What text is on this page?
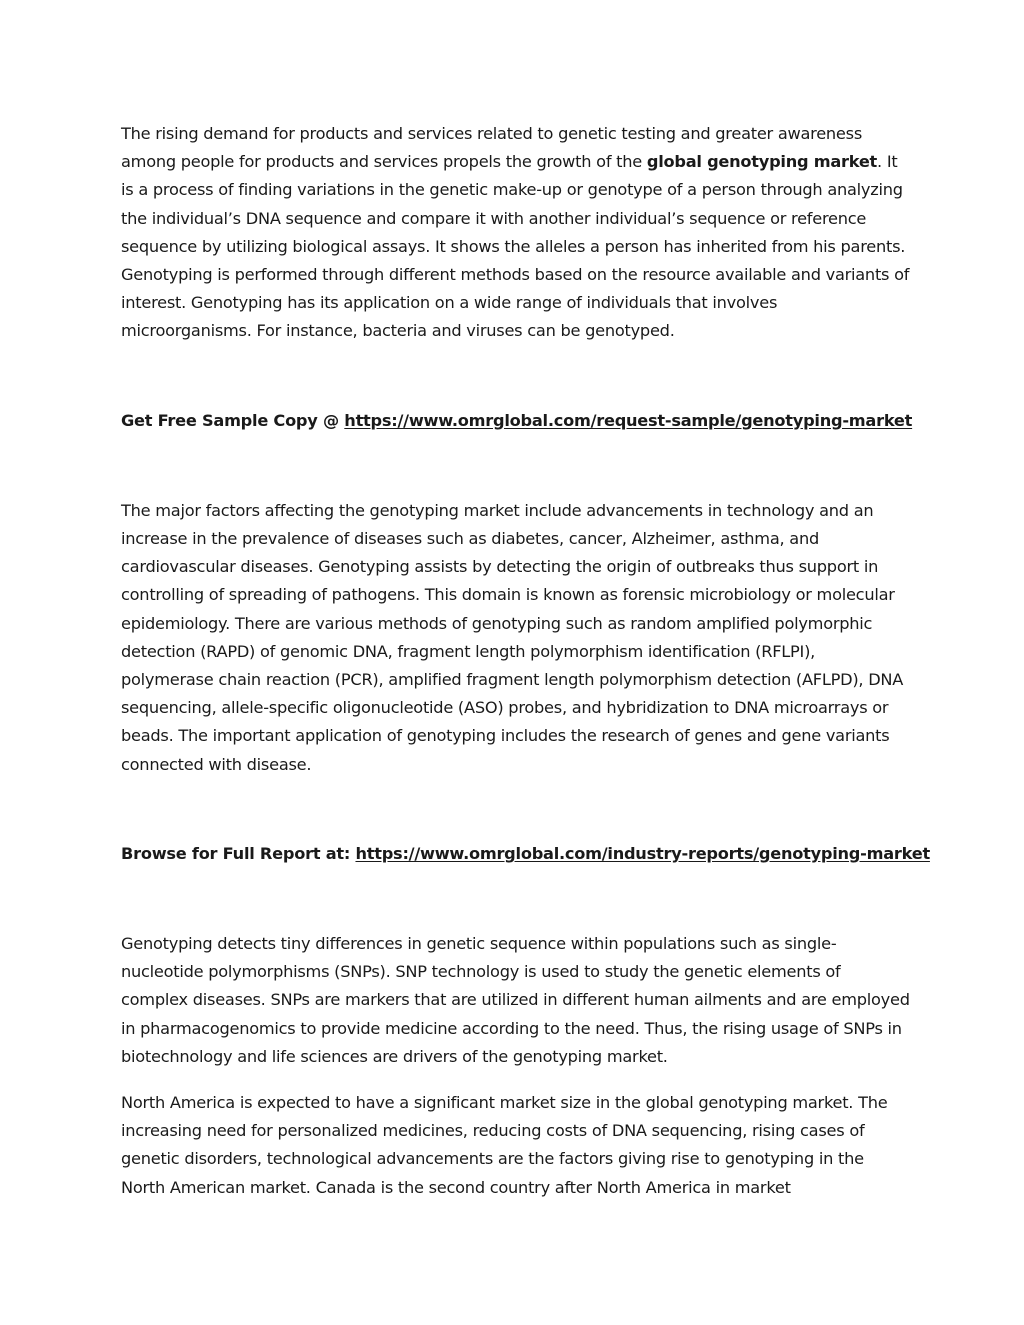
The rising demand for products and services related to genetic testing and greater awareness among people for products and services propels the growth of the global genotyping market. It is a process of finding variations in the genetic make-up or genotype of a person through analyzing the individual’s DNA sequence and compare it with another individual’s sequence or reference sequence by utilizing biological assays. It shows the alleles a person has inherited from his parents. Genotyping is performed through different methods based on the resource available and variants of interest. Genotyping has its application on a wide range of individuals that involves microorganisms. For instance, bacteria and viruses can be genotyped.

Get Free Sample Copy @ https://www.omrglobal.com/request-sample/genotyping-market

The major factors affecting the genotyping market include advancements in technology and an increase in the prevalence of diseases such as diabetes, cancer, Alzheimer, asthma, and cardiovascular diseases. Genotyping assists by detecting the origin of outbreaks thus support in controlling of spreading of pathogens. This domain is known as forensic microbiology or molecular epidemiology. There are various methods of genotyping such as random amplified polymorphic detection (RAPD) of genomic DNA, fragment length polymorphism identification (RFLPI), polymerase chain reaction (PCR), amplified fragment length polymorphism detection (AFLPD), DNA sequencing, allele-specific oligonucleotide (ASO) probes, and hybridization to DNA microarrays or beads. The important application of genotyping includes the research of genes and gene variants connected with disease.

Browse for Full Report at: https://www.omrglobal.com/industry-reports/genotyping-market

Genotyping detects tiny differences in genetic sequence within populations such as single-nucleotide polymorphisms (SNPs). SNP technology is used to study the genetic elements of complex diseases. SNPs are markers that are utilized in different human ailments and are employed in pharmacogenomics to provide medicine according to the need. Thus, the rising usage of SNPs in biotechnology and life sciences are drivers of the genotyping market.

North America is expected to have a significant market size in the global genotyping market. The increasing need for personalized medicines, reducing costs of DNA sequencing, rising cases of genetic disorders, technological advancements are the factors giving rise to genotyping in the North American market. Canada is the second country after North America in market
